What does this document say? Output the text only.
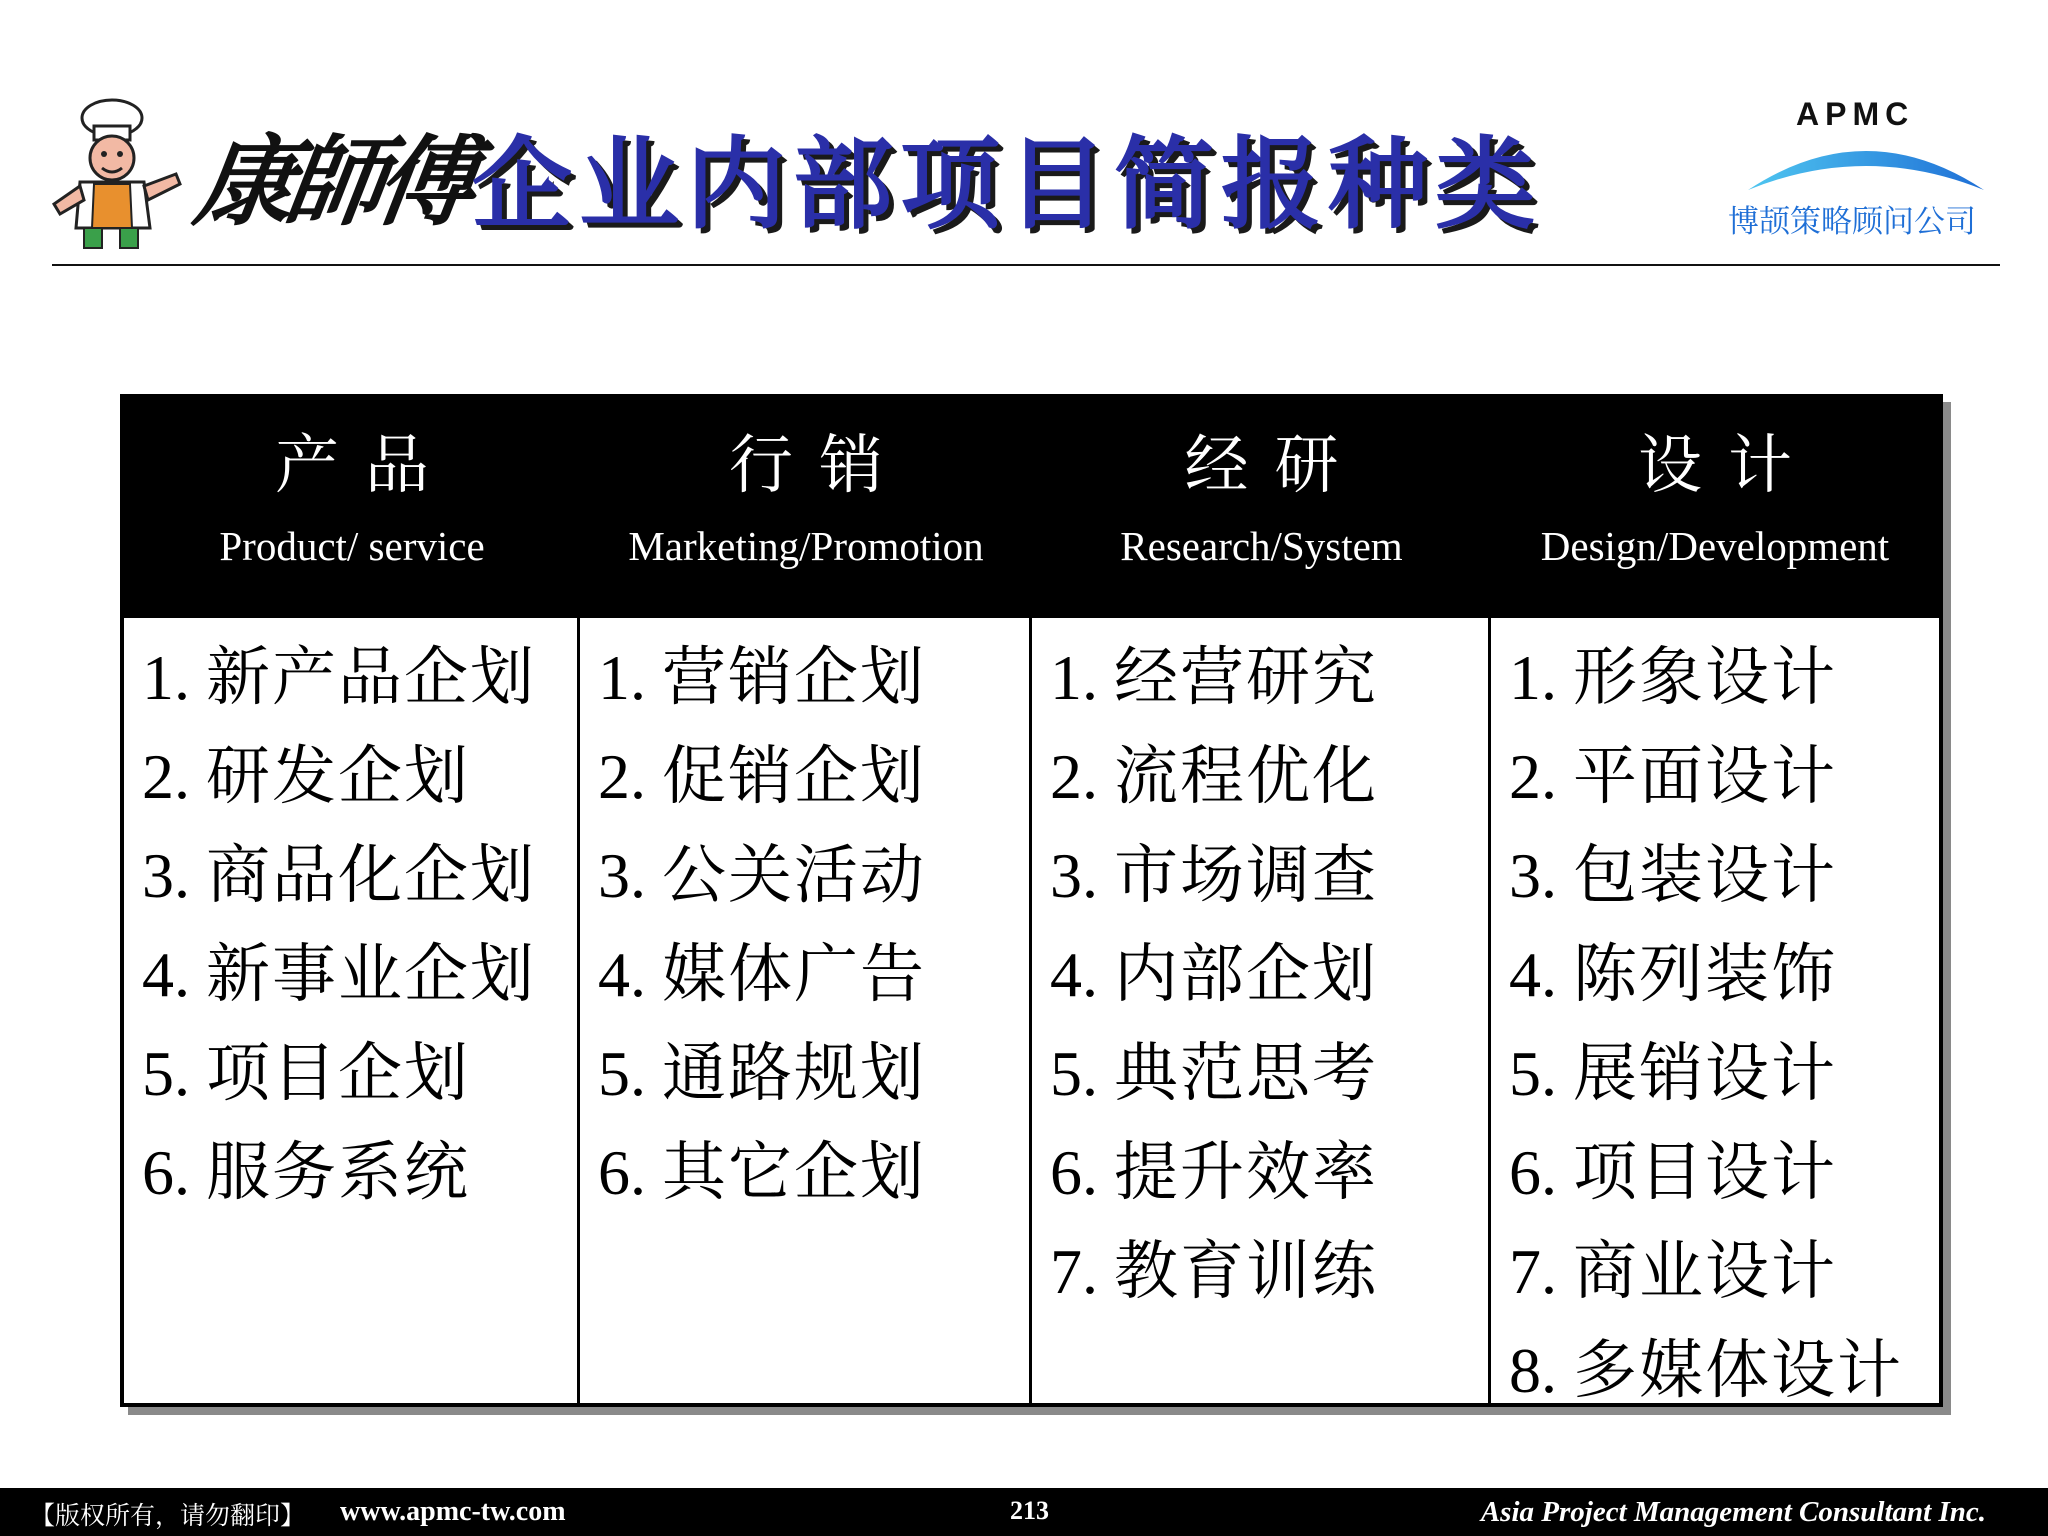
康師傅
企业内部项目简报种类
APMC
博颉策略顾问公司
产品
Product/ service
行销
Marketing/Promotion
经研
Research/System
设计
Design/Development
1. 新产品企划
2. 研发企划
3. 商品化企划
4. 新事业企划
5. 项目企划
6. 服务系统
1. 营销企划
2. 促销企划
3. 公关活动
4. 媒体广告
5. 通路规划
6. 其它企划
1. 经营研究
2. 流程优化
3. 市场调查
4. 内部企划
5. 典范思考
6. 提升效率
7. 教育训练
1. 形象设计
2. 平面设计
3. 包装设计
4. 陈列装饰
5. 展销设计
6. 项目设计
7. 商业设计
8. 多媒体设计
【版权所有，请勿翻印】 www.apmc-tw.com	213	Asia Project Management Consultant Inc.
